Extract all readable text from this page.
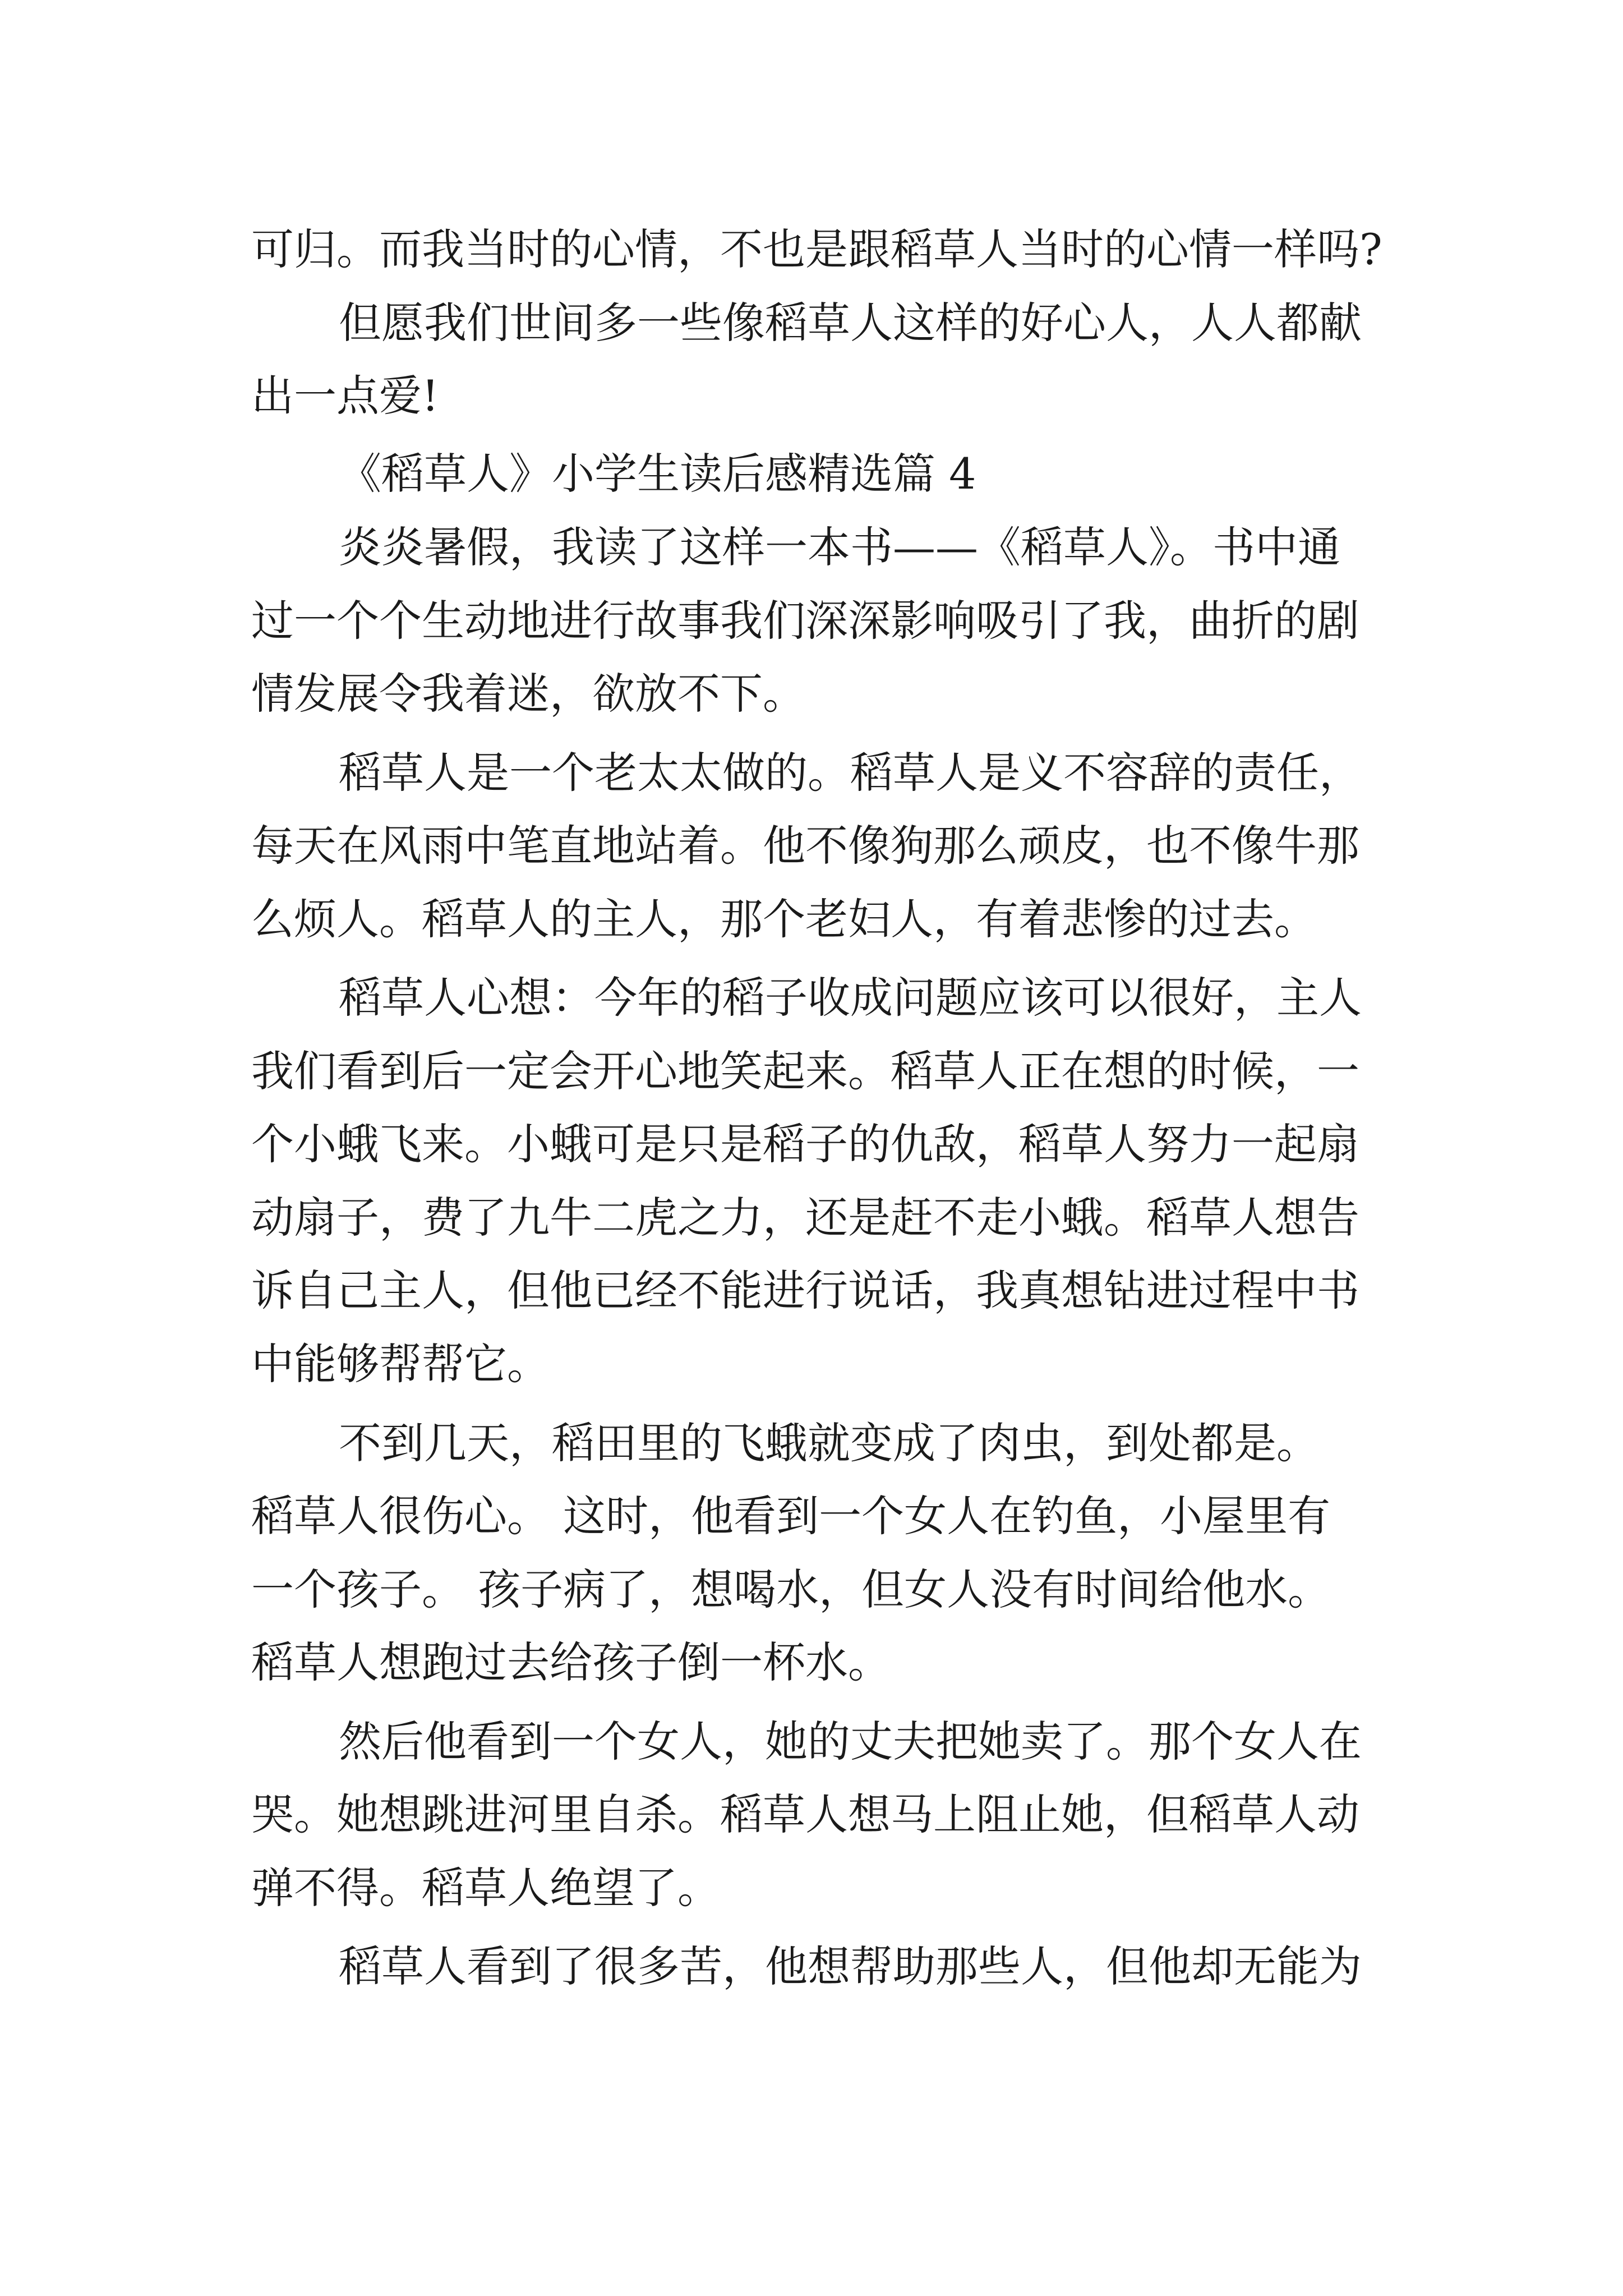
可归。而我当时的心情，不也是跟稻草人当时的心情一样吗?

但愿我们世间多一些像稻草人这样的好心人，人人都献

出一点爱!

《稻草人》小学生读后感精选篇 4

炎炎暑假，我读了这样一本书——《稻草人》。书中通

过一个个生动地进行故事我们深深影响吸引了我，曲折的剧

情发展令我着迷，欲放不下。

稻草人是一个老太太做的。稻草人是义不容辞的责任，

每天在风雨中笔直地站着。他不像狗那么顽皮，也不像牛那

么烦人。稻草人的主人，那个老妇人，有着悲惨的过去。

稻草人心想：今年的稻子收成问题应该可以很好，主人

我们看到后一定会开心地笑起来。稻草人正在想的时候，一

个小蛾飞来。小蛾可是只是稻子的仇敌，稻草人努力一起扇

动扇子，费了九牛二虎之力，还是赶不走小蛾。稻草人想告

诉自己主人，但他已经不能进行说话，我真想钻进过程中书

中能够帮帮它。

不到几天，稻田里的飞蛾就变成了肉虫，到处都是。

稻草人很伤心。 这时，他看到一个女人在钓鱼，小屋里有

一个孩子。 孩子病了，想喝水，但女人没有时间给他水。

稻草人想跑过去给孩子倒一杯水。

然后他看到一个女人，她的丈夫把她卖了。那个女人在

哭。她想跳进河里自杀。稻草人想马上阻止她，但稻草人动

弹不得。稻草人绝望了。

稻草人看到了很多苦，他想帮助那些人，但他却无能为
